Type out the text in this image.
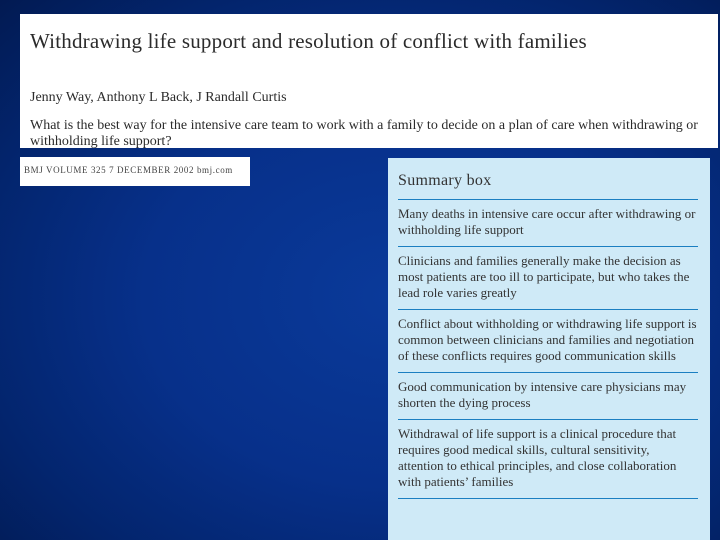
Withdrawing life support and resolution of conflict with families
Jenny Way, Anthony L Back, J Randall Curtis
What is the best way for the intensive care team to work with a family to decide on a plan of care when withdrawing or withholding life support?
BMJ VOLUME 325 7 DECEMBER 2002 bmj.com
Summary box
Many deaths in intensive care occur after withdrawing or withholding life support
Clinicians and families generally make the decision as most patients are too ill to participate, but who takes the lead role varies greatly
Conflict about withholding or withdrawing life support is common between clinicians and families and negotiation of these conflicts requires good communication skills
Good communication by intensive care physicians may shorten the dying process
Withdrawal of life support is a clinical procedure that requires good medical skills, cultural sensitivity, attention to ethical principles, and close collaboration with patients’ families
